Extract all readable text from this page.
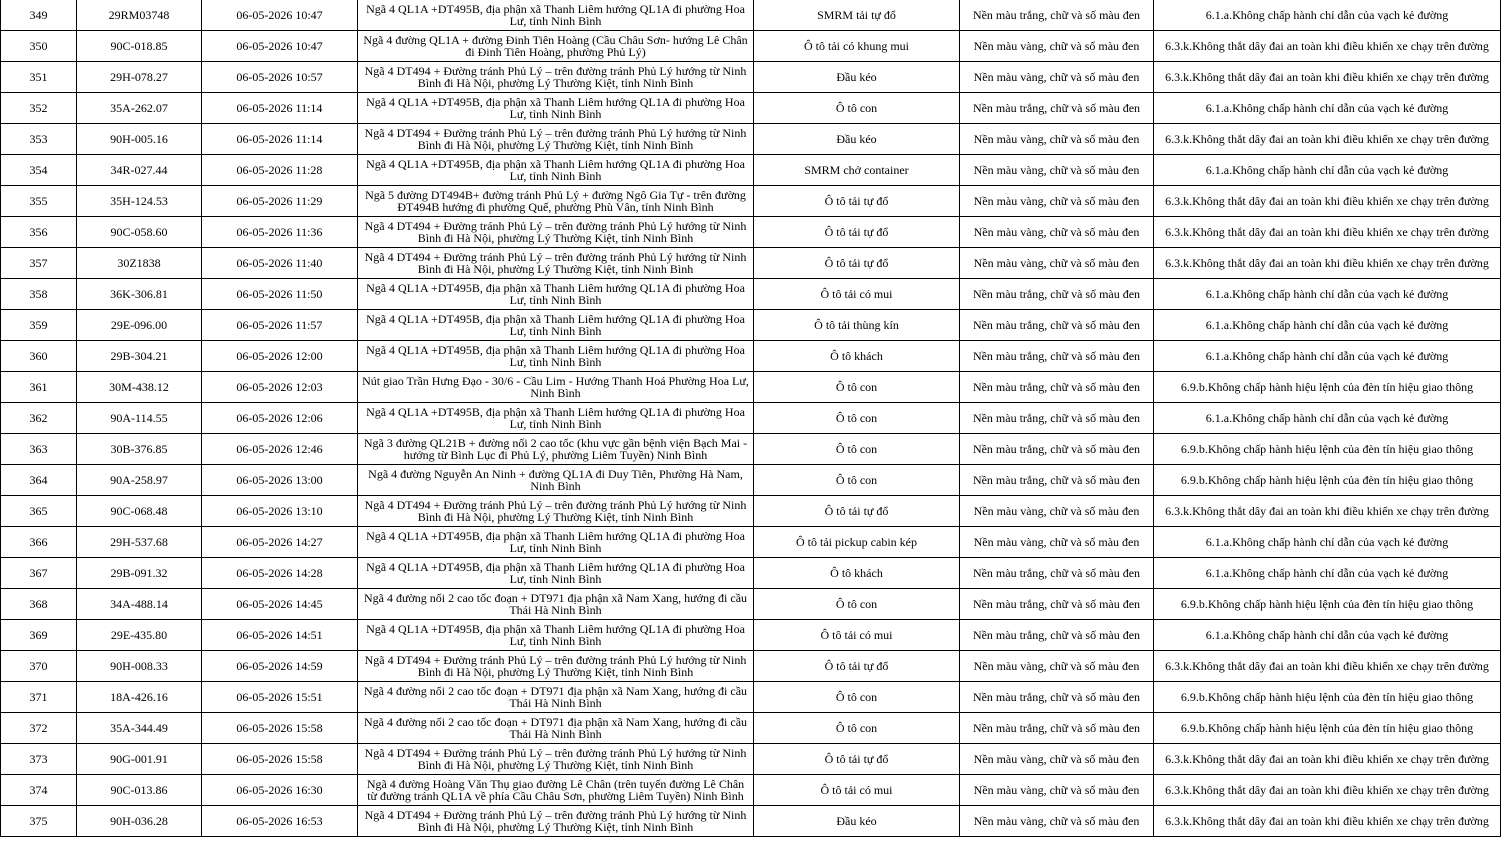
349	29RM03748	06-05-2026 10:47	Ngã 4 QL1A +DT495B, địa phận xã Thanh Liêm hướng QL1A đi phường Hoa Lư, tỉnh Ninh Bình	SMRM tải tự đổ	Nền màu trắng, chữ và số màu đen	6.1.a.Không chấp hành chỉ dẫn của vạch kẻ đường
350	90C-018.85	06-05-2026 10:47	Ngã 4 đường QL1A + đường Đinh Tiên Hoàng (Cầu Châu Sơn- hướng Lê Chân đi Đinh Tiên Hoàng, phường Phủ Lý)	Ô tô tải có khung mui	Nền màu vàng, chữ và số màu đen	6.3.k.Không thắt dây đai an toàn khi điều khiển xe chạy trên đường
351	29H-078.27	06-05-2026 10:57	Ngã 4 DT494 + Đường tránh Phủ Lý – trên đường tránh Phủ Lý hướng từ Ninh Bình đi Hà Nội, phường Lý Thường Kiệt, tỉnh Ninh Bình	Đầu kéo	Nền màu vàng, chữ và số màu đen	6.3.k.Không thắt dây đai an toàn khi điều khiển xe chạy trên đường
352	35A-262.07	06-05-2026 11:14	Ngã 4 QL1A +DT495B, địa phận xã Thanh Liêm hướng QL1A đi phường Hoa Lư, tỉnh Ninh Bình	Ô tô con	Nền màu trắng, chữ và số màu đen	6.1.a.Không chấp hành chỉ dẫn của vạch kẻ đường
353	90H-005.16	06-05-2026 11:14	Ngã 4 DT494 + Đường tránh Phủ Lý – trên đường tránh Phủ Lý hướng từ Ninh Bình đi Hà Nội, phường Lý Thường Kiệt, tỉnh Ninh Bình	Đầu kéo	Nền màu vàng, chữ và số màu đen	6.3.k.Không thắt dây đai an toàn khi điều khiển xe chạy trên đường
354	34R-027.44	06-05-2026 11:28	Ngã 4 QL1A +DT495B, địa phận xã Thanh Liêm hướng QL1A đi phường Hoa Lư, tỉnh Ninh Bình	SMRM chở container	Nền màu vàng, chữ và số màu đen	6.1.a.Không chấp hành chỉ dẫn của vạch kẻ đường
355	35H-124.53	06-05-2026 11:29	Ngã 5 đường DT494B+ đường tránh Phủ Lý + đường Ngô Gia Tự - trên đường ĐT494B hướng đi phường Quế, phường Phù Vân, tỉnh Ninh Bình	Ô tô tải tự đổ	Nền màu vàng, chữ và số màu đen	6.3.k.Không thắt dây đai an toàn khi điều khiển xe chạy trên đường
356	90C-058.60	06-05-2026 11:36	Ngã 4 DT494 + Đường tránh Phủ Lý – trên đường tránh Phủ Lý hướng từ Ninh Bình đi Hà Nội, phường Lý Thường Kiệt, tỉnh Ninh Bình	Ô tô tải tự đổ	Nền màu vàng, chữ và số màu đen	6.3.k.Không thắt dây đai an toàn khi điều khiển xe chạy trên đường
357	30Z1838	06-05-2026 11:40	Ngã 4 DT494 + Đường tránh Phủ Lý – trên đường tránh Phủ Lý hướng từ Ninh Bình đi Hà Nội, phường Lý Thường Kiệt, tỉnh Ninh Bình	Ô tô tải tự đổ	Nền màu vàng, chữ và số màu đen	6.3.k.Không thắt dây đai an toàn khi điều khiển xe chạy trên đường
358	36K-306.81	06-05-2026 11:50	Ngã 4 QL1A +DT495B, địa phận xã Thanh Liêm hướng QL1A đi phường Hoa Lư, tỉnh Ninh Bình	Ô tô tải có mui	Nền màu trắng, chữ và số màu đen	6.1.a.Không chấp hành chỉ dẫn của vạch kẻ đường
359	29E-096.00	06-05-2026 11:57	Ngã 4 QL1A +DT495B, địa phận xã Thanh Liêm hướng QL1A đi phường Hoa Lư, tỉnh Ninh Bình	Ô tô tải thùng kín	Nền màu trắng, chữ và số màu đen	6.1.a.Không chấp hành chỉ dẫn của vạch kẻ đường
360	29B-304.21	06-05-2026 12:00	Ngã 4 QL1A +DT495B, địa phận xã Thanh Liêm hướng QL1A đi phường Hoa Lư, tỉnh Ninh Bình	Ô tô khách	Nền màu trắng, chữ và số màu đen	6.1.a.Không chấp hành chỉ dẫn của vạch kẻ đường
361	30M-438.12	06-05-2026 12:03	Nút giao Trần Hưng Đạo - 30/6 - Cầu Lim - Hướng Thanh Hoá Phường Hoa Lư, Ninh Bình	Ô tô con	Nền màu trắng, chữ và số màu đen	6.9.b.Không chấp hành hiệu lệnh của đèn tín hiệu giao thông
362	90A-114.55	06-05-2026 12:06	Ngã 4 QL1A +DT495B, địa phận xã Thanh Liêm hướng QL1A đi phường Hoa Lư, tỉnh Ninh Bình	Ô tô con	Nền màu trắng, chữ và số màu đen	6.1.a.Không chấp hành chỉ dẫn của vạch kẻ đường
363	30B-376.85	06-05-2026 12:46	Ngã 3 đường QL21B + đường nối 2 cao tốc (khu vực gần bệnh viện Bạch Mai - hướng từ Bình Lục đi Phủ Lý, phường Liêm Tuyền) Ninh Bình	Ô tô con	Nền màu trắng, chữ và số màu đen	6.9.b.Không chấp hành hiệu lệnh của đèn tín hiệu giao thông
364	90A-258.97	06-05-2026 13:00	Ngã 4 đường Nguyễn An Ninh + đường QL1A đi Duy Tiên, Phường Hà Nam, Ninh Bình	Ô tô con	Nền màu trắng, chữ và số màu đen	6.9.b.Không chấp hành hiệu lệnh của đèn tín hiệu giao thông
365	90C-068.48	06-05-2026 13:10	Ngã 4 DT494 + Đường tránh Phủ Lý – trên đường tránh Phủ Lý hướng từ Ninh Bình đi Hà Nội, phường Lý Thường Kiệt, tỉnh Ninh Bình	Ô tô tải tự đổ	Nền màu vàng, chữ và số màu đen	6.3.k.Không thắt dây đai an toàn khi điều khiển xe chạy trên đường
366	29H-537.68	06-05-2026 14:27	Ngã 4 QL1A +DT495B, địa phận xã Thanh Liêm hướng QL1A đi phường Hoa Lư, tỉnh Ninh Bình	Ô tô tải pickup cabin kép	Nền màu vàng, chữ và số màu đen	6.1.a.Không chấp hành chỉ dẫn của vạch kẻ đường
367	29B-091.32	06-05-2026 14:28	Ngã 4 QL1A +DT495B, địa phận xã Thanh Liêm hướng QL1A đi phường Hoa Lư, tỉnh Ninh Bình	Ô tô khách	Nền màu trắng, chữ và số màu đen	6.1.a.Không chấp hành chỉ dẫn của vạch kẻ đường
368	34A-488.14	06-05-2026 14:45	Ngã 4 đường nối 2 cao tốc đoạn + DT971 địa phận xã Nam Xang, hướng đi cầu Thái Hà Ninh Bình	Ô tô con	Nền màu trắng, chữ và số màu đen	6.9.b.Không chấp hành hiệu lệnh của đèn tín hiệu giao thông
369	29E-435.80	06-05-2026 14:51	Ngã 4 QL1A +DT495B, địa phận xã Thanh Liêm hướng QL1A đi phường Hoa Lư, tỉnh Ninh Bình	Ô tô tải có mui	Nền màu trắng, chữ và số màu đen	6.1.a.Không chấp hành chỉ dẫn của vạch kẻ đường
370	90H-008.33	06-05-2026 14:59	Ngã 4 DT494 + Đường tránh Phủ Lý – trên đường tránh Phủ Lý hướng từ Ninh Bình đi Hà Nội, phường Lý Thường Kiệt, tỉnh Ninh Bình	Ô tô tải tự đổ	Nền màu vàng, chữ và số màu đen	6.3.k.Không thắt dây đai an toàn khi điều khiển xe chạy trên đường
371	18A-426.16	06-05-2026 15:51	Ngã 4 đường nối 2 cao tốc đoạn + DT971 địa phận xã Nam Xang, hướng đi cầu Thái Hà Ninh Bình	Ô tô con	Nền màu trắng, chữ và số màu đen	6.9.b.Không chấp hành hiệu lệnh của đèn tín hiệu giao thông
372	35A-344.49	06-05-2026 15:58	Ngã 4 đường nối 2 cao tốc đoạn + DT971 địa phận xã Nam Xang, hướng đi cầu Thái Hà Ninh Bình	Ô tô con	Nền màu trắng, chữ và số màu đen	6.9.b.Không chấp hành hiệu lệnh của đèn tín hiệu giao thông
373	90G-001.91	06-05-2026 15:58	Ngã 4 DT494 + Đường tránh Phủ Lý – trên đường tránh Phủ Lý hướng từ Ninh Bình đi Hà Nội, phường Lý Thường Kiệt, tỉnh Ninh Bình	Ô tô tải tự đổ	Nền màu vàng, chữ và số màu đen	6.3.k.Không thắt dây đai an toàn khi điều khiển xe chạy trên đường
374	90C-013.86	06-05-2026 16:30	Ngã 4 đường Hoàng Văn Thụ giao đường Lê Chân (trên tuyến đường Lê Chân từ đường tránh QL1A về phía Cầu Châu Sơn, phường Liêm Tuyền) Ninh Bình	Ô tô tải có mui	Nền màu vàng, chữ và số màu đen	6.3.k.Không thắt dây đai an toàn khi điều khiển xe chạy trên đường
375	90H-036.28	06-05-2026 16:53	Ngã 4 DT494 + Đường tránh Phủ Lý – trên đường tránh Phủ Lý hướng từ Ninh Bình đi Hà Nội, phường Lý Thường Kiệt, tỉnh Ninh Bình	Đầu kéo	Nền màu vàng, chữ và số màu đen	6.3.k.Không thắt dây đai an toàn khi điều khiển xe chạy trên đường
